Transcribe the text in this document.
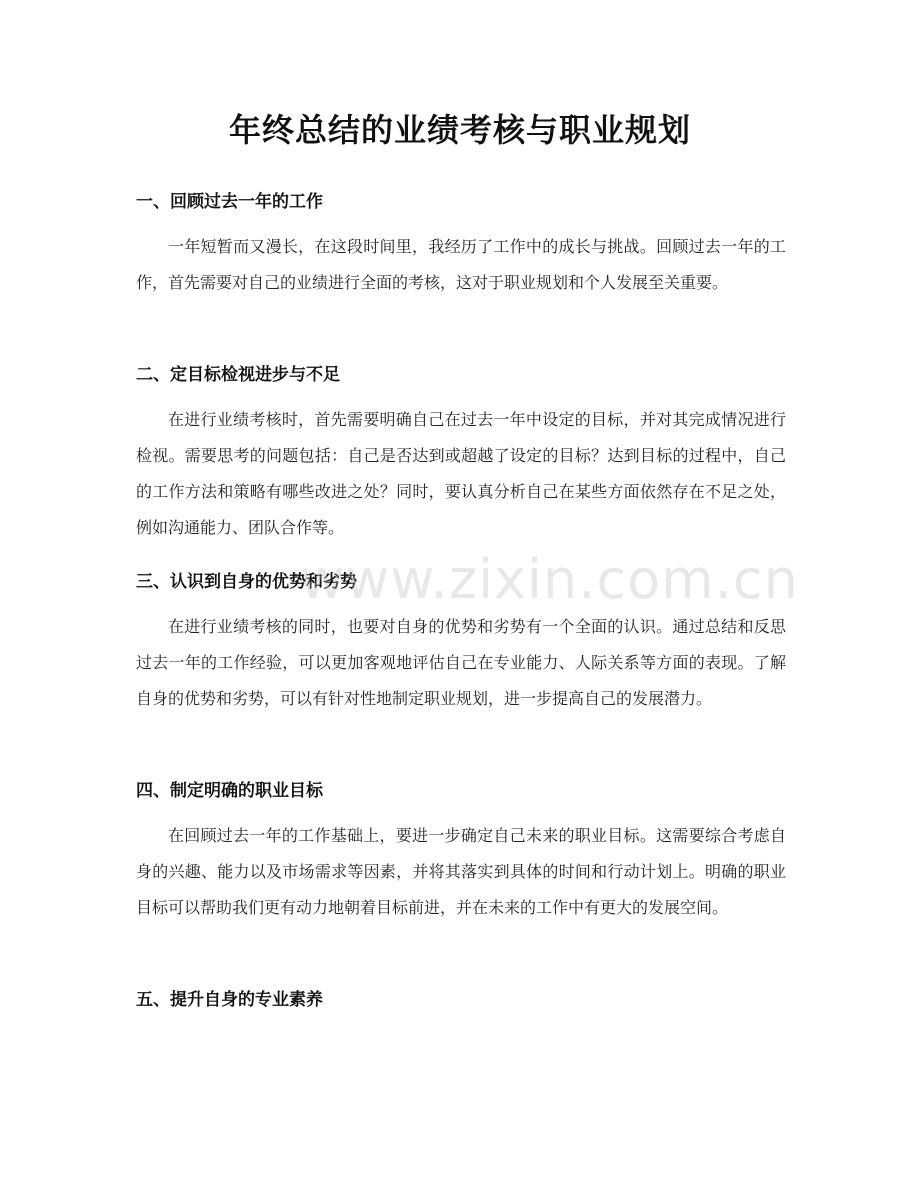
年终总结的业绩考核与职业规划
一、回顾过去一年的工作

一年短暂而又漫长，在这段时间里，我经历了工作中的成长与挑战。回顾过去一年的工作，首先需要对自己的业绩进行全面的考核，这对于职业规划和个人发展至关重要。

二、定目标检视进步与不足

在进行业绩考核时，首先需要明确自己在过去一年中设定的目标，并对其完成情况进行检视。需要思考的问题包括：自己是否达到或超越了设定的目标？达到目标的过程中，自己的工作方法和策略有哪些改进之处？同时，要认真分析自己在某些方面依然存在不足之处，例如沟通能力、团队合作等。

三、认识到自身的优势和劣势

在进行业绩考核的同时，也要对自身的优势和劣势有一个全面的认识。通过总结和反思过去一年的工作经验，可以更加客观地评估自己在专业能力、人际关系等方面的表现。了解自身的优势和劣势，可以有针对性地制定职业规划，进一步提高自己的发展潜力。

四、制定明确的职业目标

在回顾过去一年的工作基础上，要进一步确定自己未来的职业目标。这需要综合考虑自身的兴趣、能力以及市场需求等因素，并将其落实到具体的时间和行动计划上。明确的职业目标可以帮助我们更有动力地朝着目标前进，并在未来的工作中有更大的发展空间。

五、提升自身的专业素养
www.zixin.com.cn
